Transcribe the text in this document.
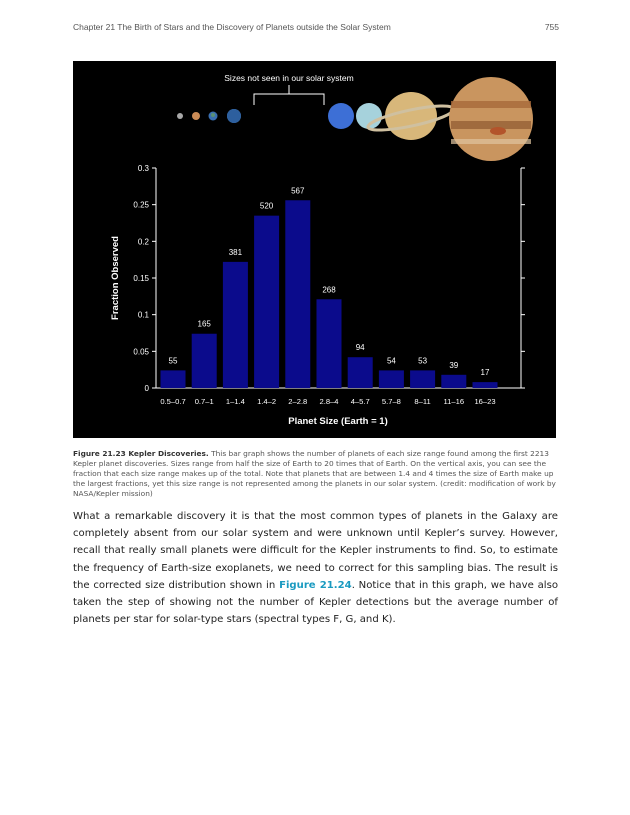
Chapter 21 The Birth of Stars and the Discovery of Planets outside the Solar System	755
Sizes not seen in our solar system
0
0.05
0.1
0.15
0.2
0.25
0.3
55
165
381
520
567
268
94
54	53	39
17
0.5–0.7 0.7–1 1–1.4 1.4–2 2–2.8 2.8–4 4–5.7 5.7–8 8–11 11–16 16–23
Fraction Observed
Planet Size (Earth = 1)
Figure 21.23 Kepler Discoveries. This bar graph shows the number of planets of each size range found among the first 2213 Kepler planet discoveries. Sizes range from half the size of Earth to 20 times that of Earth. On the vertical axis, you can see the fraction that each size range makes up of the total. Note that planets that are between 1.4 and 4 times the size of Earth make up the largest fractions, yet this size range is not represented among the planets in our solar system. (credit: modification of work by NASA/Kepler mission)
What a remarkable discovery it is that the most common types of planets in the Galaxy are completely absent from our solar system and were unknown until Kepler’s survey. However, recall that really small planets were difficult for the Kepler instruments to find. So, to estimate the frequency of Earth-size exoplanets, we need to correct for this sampling bias. The result is the corrected size distribution shown in Figure 21.24. Notice that in this graph, we have also taken the step of showing not the number of Kepler detections but the average number of planets per star for solar-type stars (spectral types F, G, and K).
